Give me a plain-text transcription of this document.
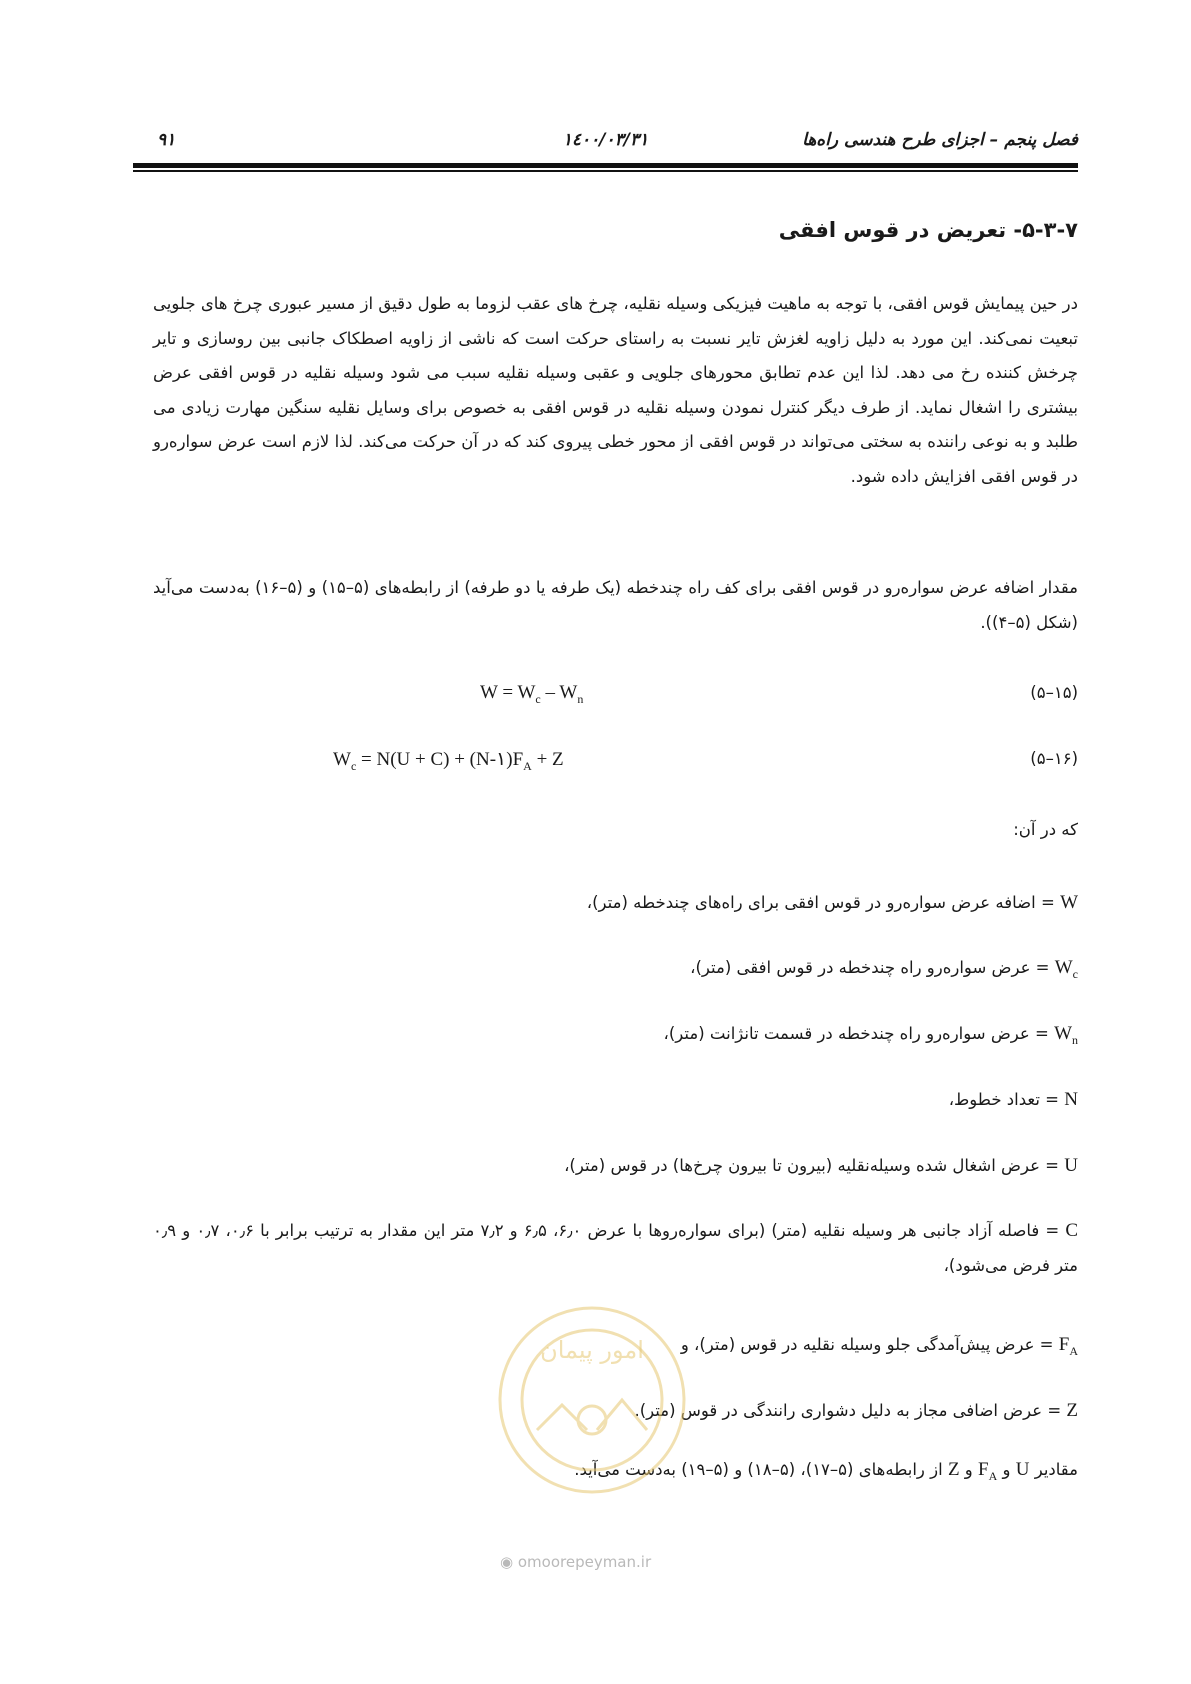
فصل پنجم – اجزای طرح هندسی راه‌ها
۱٤۰۰/۰۳/۳۱
۹۱
۵-۳-۷- تعریض در قوس افقی

در حین پیمایش قوس افقی، با توجه به ماهیت فیزیکی وسیله نقلیه، چرخ های عقب لزوما به طول دقیق از مسیر عبوری چرخ های جلویی تبعیت نمی‌کند. این مورد به دلیل زاویه لغزش تایر نسبت به راستای حرکت است که ناشی از زاویه اصطکاک جانبی بین روسازی و تایر چرخش کننده رخ می دهد. لذا این عدم تطابق محورهای جلویی و عقبی وسیله نقلیه سبب می شود وسیله نقلیه در قوس افقی عرض بیشتری را اشغال نماید. از طرف دیگر کنترل نمودن وسیله نقلیه در قوس افقی به خصوص برای وسایل نقلیه سنگین مهارت زیادی می طلبد و به نوعی راننده به سختی می‌تواند در قوس افقی از محور خطی پیروی کند که در آن حرکت می‌کند. لذا لازم است عرض سواره‌رو در قوس افقی افزایش داده شود.

مقدار اضافه عرض سواره‌رو در قوس افقی برای کف راه چندخطه (یک طرفه یا دو طرفه) از رابطه‌های (۵–۱۵) و (۵–۱۶) به‌دست می‌آید (شکل (۵–۴)).

$W = W_c - W_n$	(۱۵–۵)
$W_c = N(U + C)$ + $(N-۱)F_A + Z$	(۱۶–۵)
که در آن:
W = اضافه عرض سواره‌رو در قوس افقی برای راه‌های چندخطه (متر)،
$W_c$ = عرض سواره‌رو راه چندخطه در قوس افقی (متر)،
$W_n$ = عرض سواره‌رو راه چندخطه در قسمت تانژانت (متر)،
N = تعداد خطوط،
U = عرض اشغال شده وسیله‌نقلیه (بیرون تا بیرون چرخ‌ها) در قوس (متر)،
C = فاصله آزاد جانبی هر وسیله نقلیه (متر) (برای سواره‌روها با عرض ۶٫۰، ۶٫۵ و ۷٫۲ متر این مقدار به ترتیب برابر با ۰٫۶، ۰٫۷ و ۰٫۹ متر فرض می‌شود)،
$F_A$ = عرض پیش‌آمدگی جلو وسیله نقلیه در قوس (متر)، و
Z = عرض اضافی مجاز به دلیل دشواری رانندگی در قوس (متر).
مقادیر U و $F_A$ و Z از رابطه‌های (۵–۱۷)، (۵–۱۸) و (۵–۱۹) به‌دست می‌آید.
امور پیمان
◉ omoorepeyman.ir
